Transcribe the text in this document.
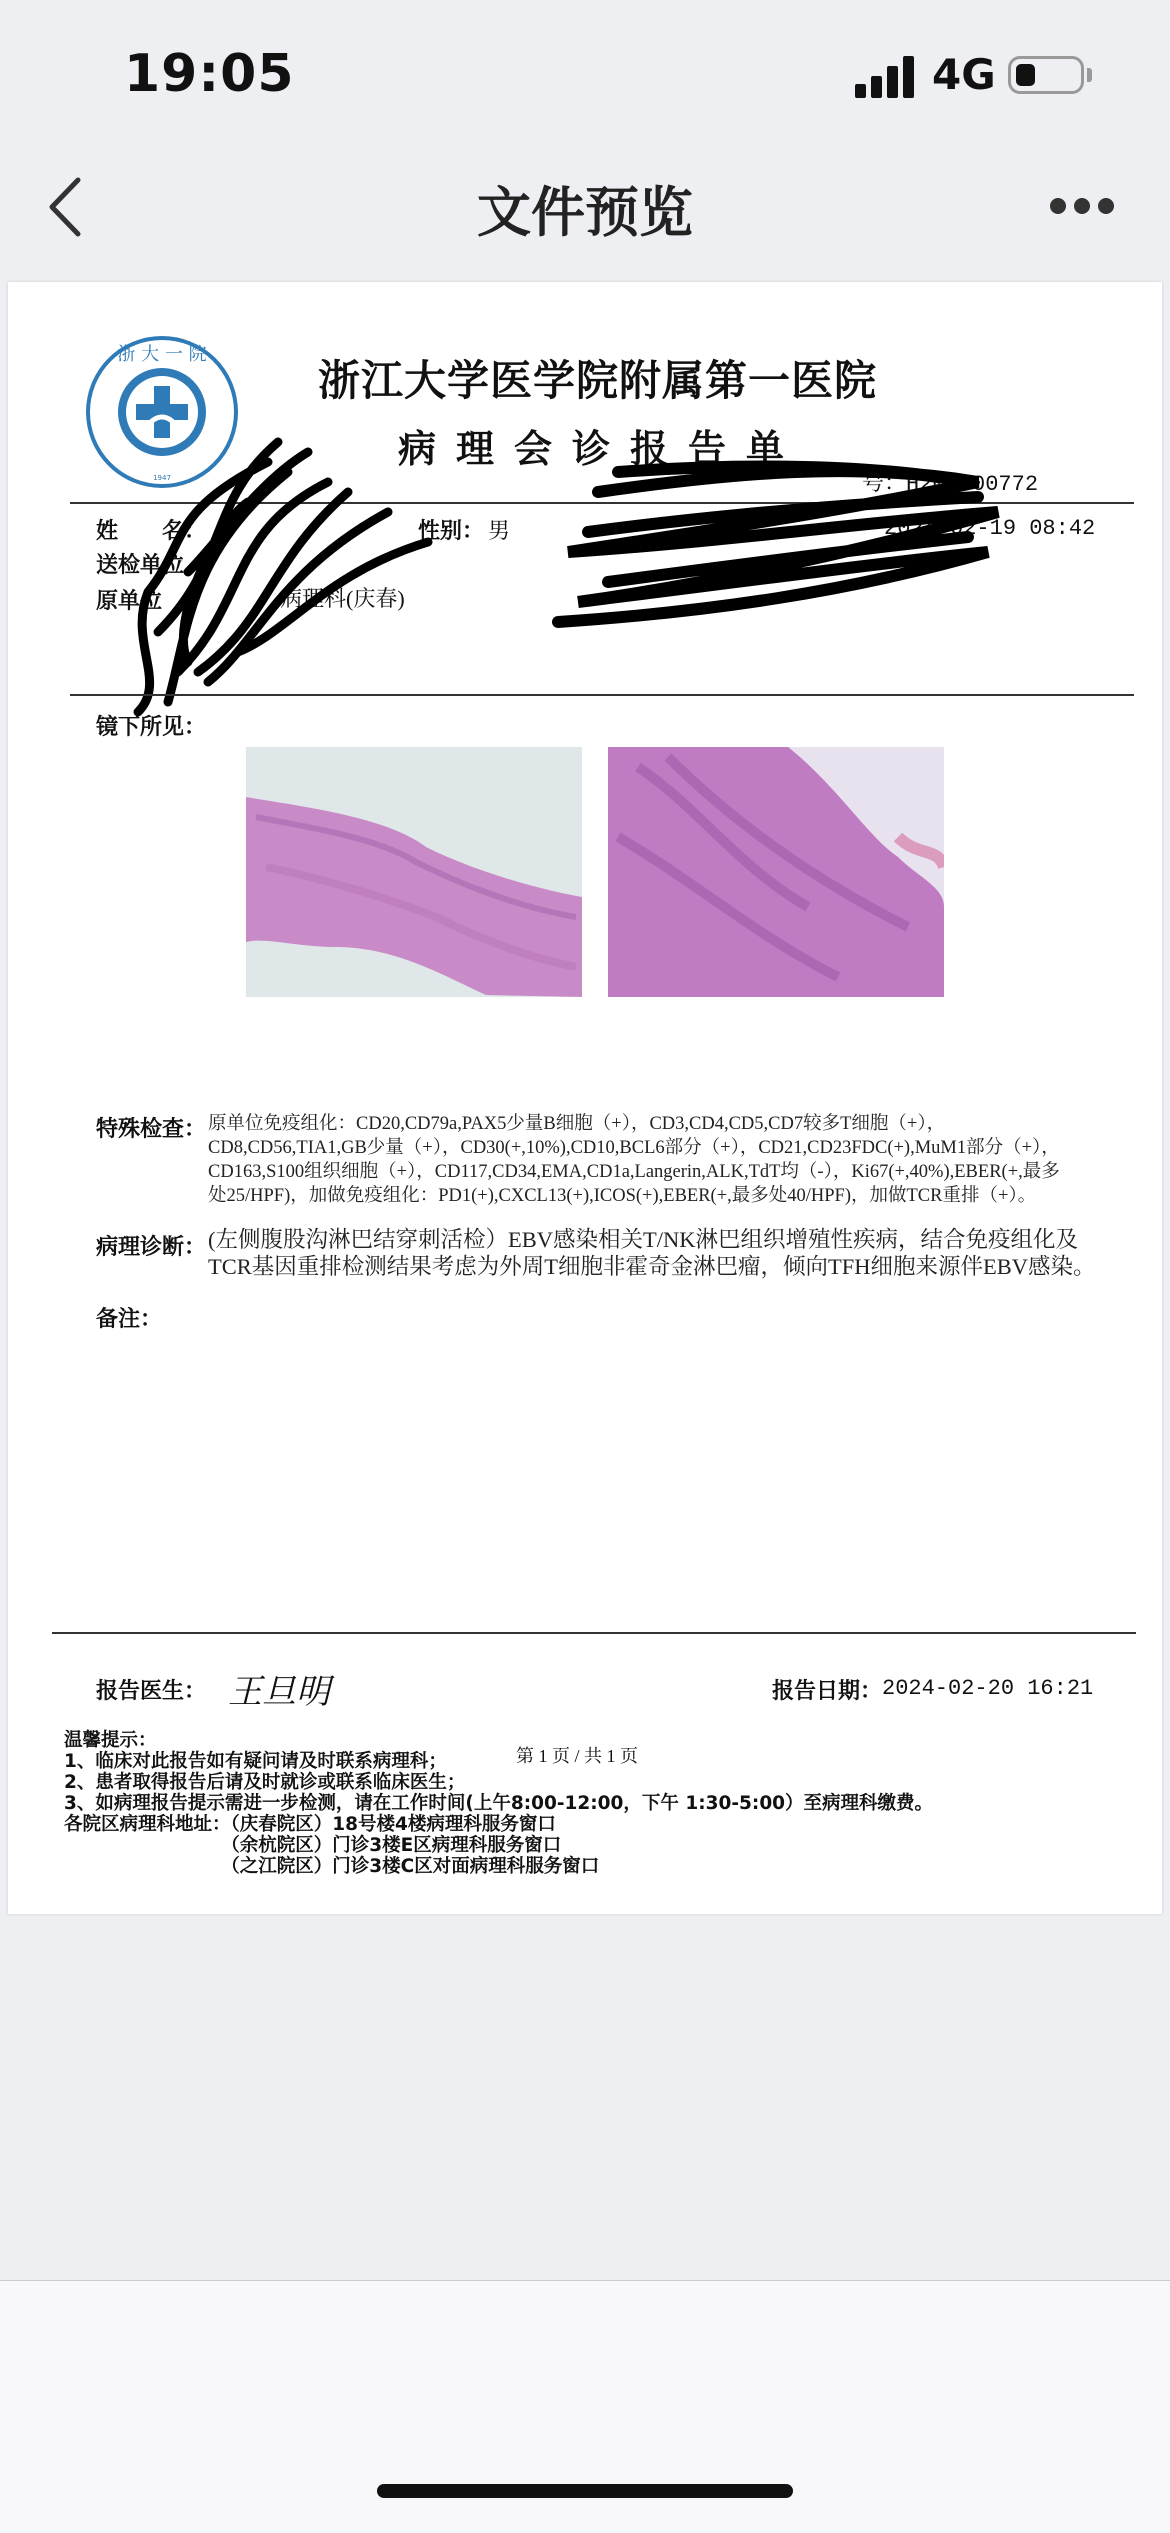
19:05	4G
文件预览
浙 大 一 院
1947
浙江大学医学院附属第一医院
病理会诊报告单
号：H202400772
姓　　名：	性别： 男	2024-02-19 08:42
送检单位
原单位	病理科(庆春)
镜下所见：
特殊检查： 原单位免疫组化：CD20,CD79a,PAX5少量B细胞（+），CD3,CD4,CD5,CD7较多T细胞（+），
CD8,CD56,TIA1,GB少量（+），CD30(+,10%),CD10,BCL6部分（+），CD21,CD23FDC(+),MuM1部分（+），
CD163,S100组织细胞（+），CD117,CD34,EMA,CD1a,Langerin,ALK,TdT均（-），Ki67(+,40%),EBER(+,最多
处25/HPF)，加做免疫组化：PD1(+),CXCL13(+),ICOS(+),EBER(+,最多处40/HPF)，加做TCR重排（+）。
病理诊断： (左侧腹股沟淋巴结穿刺活检）EBV感染相关T/NK淋巴组织增殖性疾病，结合免疫组化及
TCR基因重排检测结果考虑为外周T细胞非霍奇金淋巴瘤，倾向TFH细胞来源伴EBV感染。
备注：
报告医生： 王旦明	报告日期： 2024-02-20 16:21
第 1 页 / 共 1 页
温馨提示：
1、临床对此报告如有疑问请及时联系病理科；
2、患者取得报告后请及时就诊或联系临床医生；
3、如病理报告提示需进一步检测，请在工作时间(上午8:00-12:00，下午 1:30-5:00）至病理科缴费。
各院区病理科地址：（庆春院区）18号楼4楼病理科服务窗口
　　　　　　　　　（余杭院区）门诊3楼E区病理科服务窗口
　　　　　　　　　（之江院区）门诊3楼C区对面病理科服务窗口
